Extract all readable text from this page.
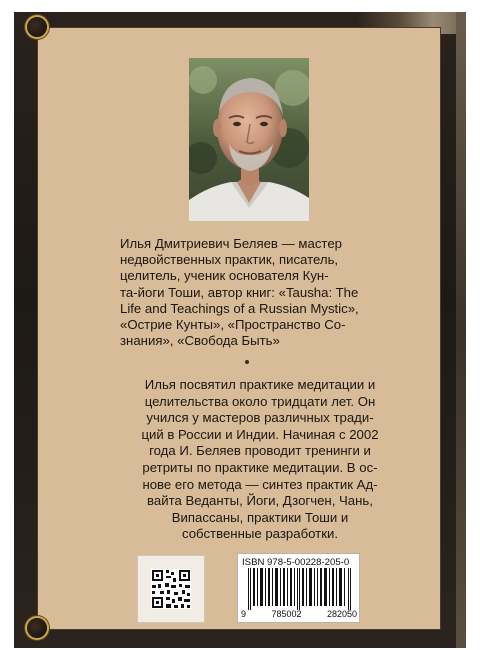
Илья Дмитриевич Беляев — мастер
недвойственных практик, писатель,
целитель, ученик основателя Кун-
та-йоги Тоши, автор книг: «Tausha: The
Life and Teachings of a Russian Mystic»,
«Острие Кунты», «Пространство Со-
знания», «Свобода Быть»
Илья посвятил практике медитации и
целительства около тридцати лет. Он
учился у мастеров различных тради-
ций в России и Индии. Начиная с 2002
года И. Беляев проводит тренинги и
ретриты по практике медитации. В ос-
нове его метода — синтез практик Ад-
вайта Веданты, Йоги, Дзогчен, Чань,
Випассаны, практики Тоши и
собственные разработки.
ISBN 978-5-00228-205-0
9	785002	282050
